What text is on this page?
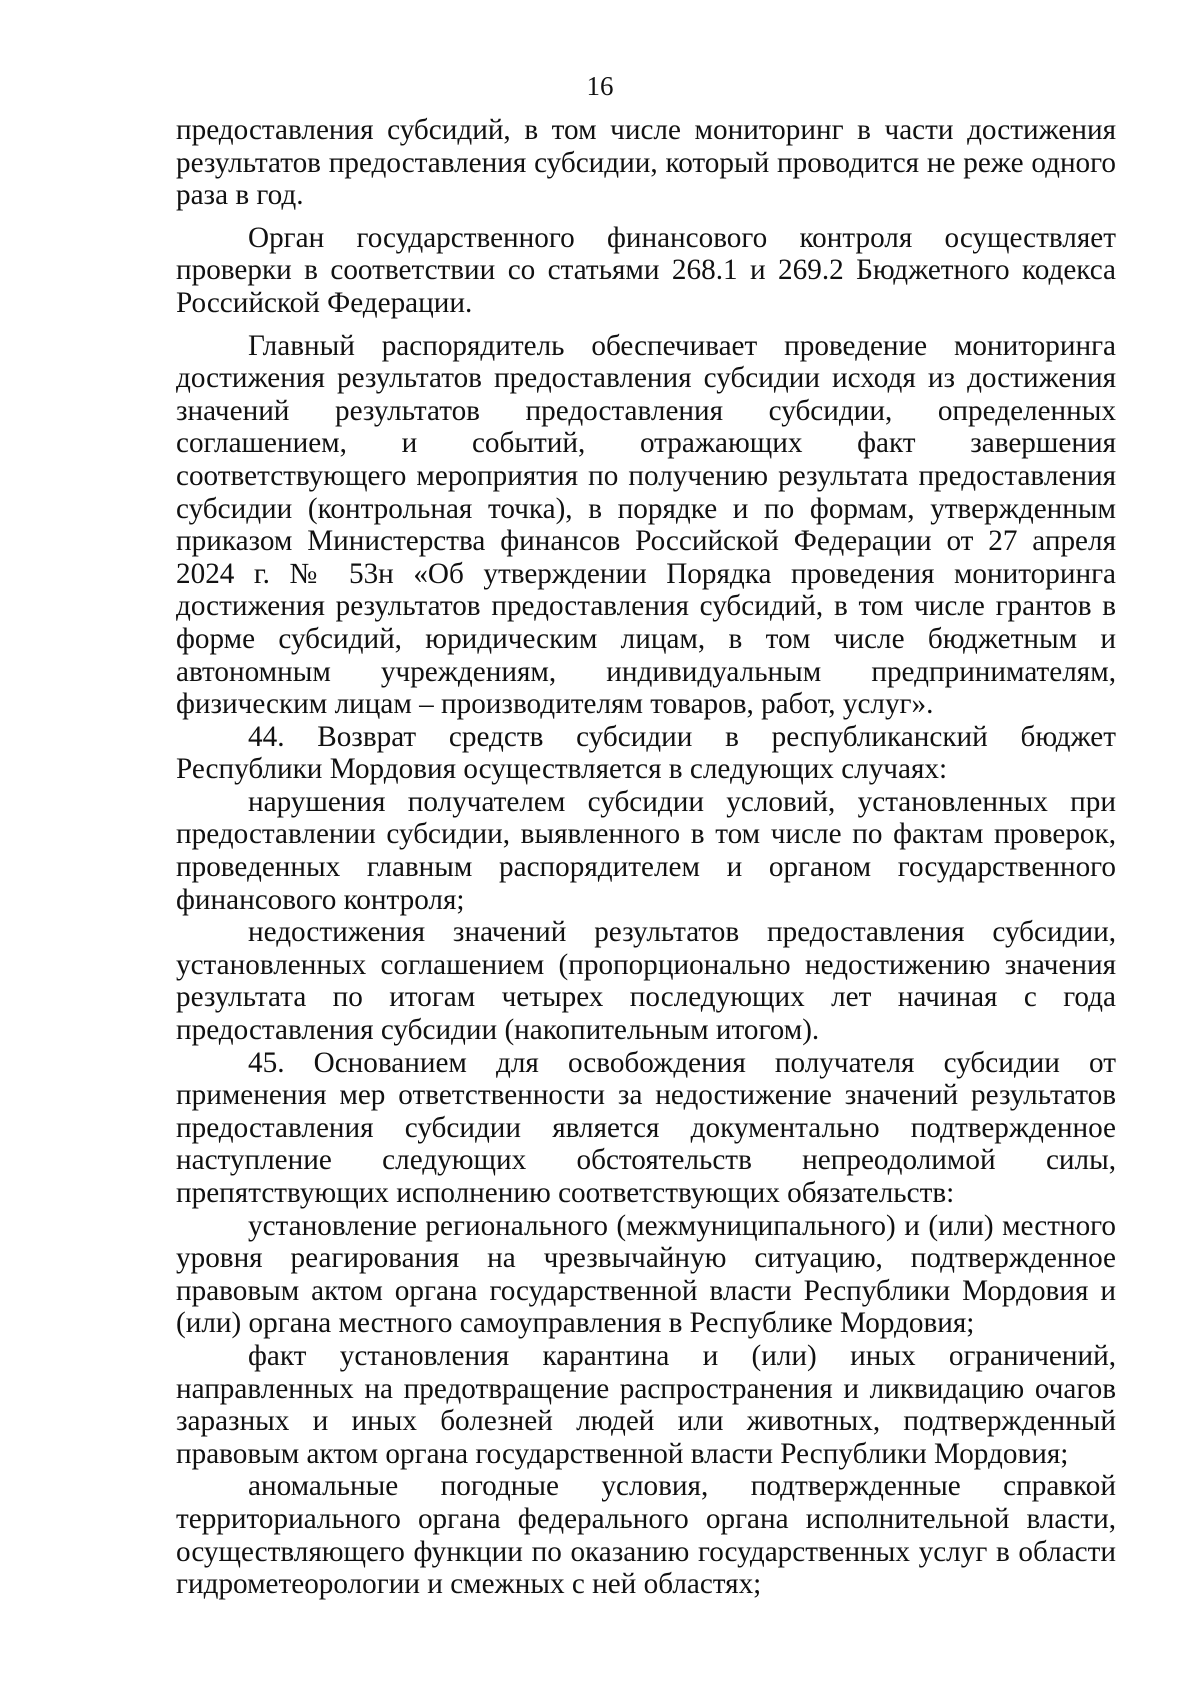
16

предоставления субсидий, в том числе мониторинг в части достижения результатов предоставления субсидии, который проводится не реже одного раза в год.

Орган государственного финансового контроля осуществляет проверки в соответствии со статьями 268.1 и 269.2 Бюджетного кодекса Российской Федерации.

Главный распорядитель обеспечивает проведение мониторинга достижения результатов предоставления субсидии исходя из достижения значений результатов предоставления субсидии, определенных соглашением, и событий, отражающих факт завершения соответствующего мероприятия по получению результата предоставления субсидии (контрольная точка), в порядке и по формам, утвержденным приказом Министерства финансов Российской Федерации от 27 апреля 2024 г. № 53н «Об утверждении Порядка проведения мониторинга достижения результатов предоставления субсидий, в том числе грантов в форме субсидий, юридическим лицам, в том числе бюджетным и автономным учреждениям, индивидуальным предпринимателям, физическим лицам – производителям товаров, работ, услуг».

44. Возврат средств субсидии в республиканский бюджет Республики Мордовия осуществляется в следующих случаях:

нарушения получателем субсидии условий, установленных при предоставлении субсидии, выявленного в том числе по фактам проверок, проведенных главным распорядителем и органом государственного финансового контроля;

недостижения значений результатов предоставления субсидии, установленных соглашением (пропорционально недостижению значения результата по итогам четырех последующих лет начиная с года предоставления субсидии (накопительным итогом).

45. Основанием для освобождения получателя субсидии от применения мер ответственности за недостижение значений результатов предоставления субсидии является документально подтвержденное наступление следующих обстоятельств непреодолимой силы, препятствующих исполнению соответствующих обязательств:

установление регионального (межмуниципального) и (или) местного уровня реагирования на чрезвычайную ситуацию, подтвержденное правовым актом органа государственной власти Республики Мордовия и (или) органа местного самоуправления в Республике Мордовия;

факт установления карантина и (или) иных ограничений, направленных на предотвращение распространения и ликвидацию очагов заразных и иных болезней людей или животных, подтвержденный правовым актом органа государственной власти Республики Мордовия;

аномальные погодные условия, подтвержденные справкой территориального органа федерального органа исполнительной власти, осуществляющего функции по оказанию государственных услуг в области гидрометеорологии и смежных с ней областях;
